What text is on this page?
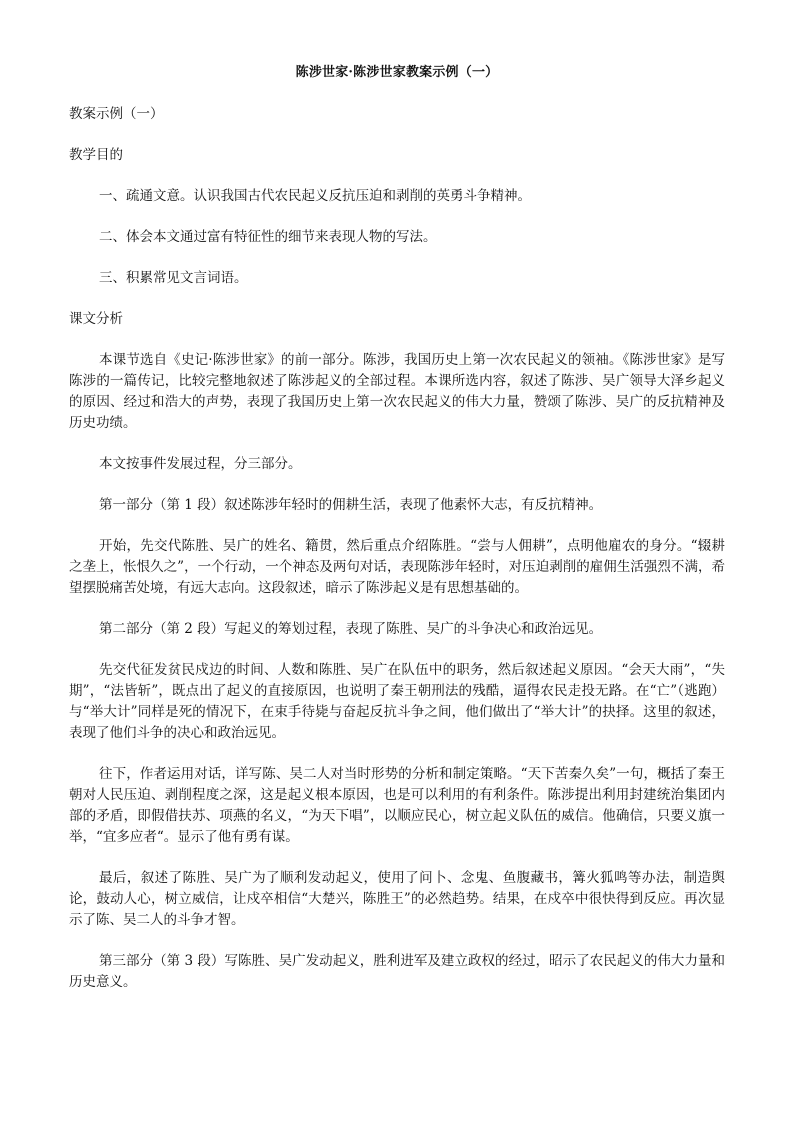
陈涉世家·陈涉世家教案示例（一）

教案示例（一）

教学目的

一、疏通文意。认识我国古代农民起义反抗压迫和剥削的英勇斗争精神。

二、体会本文通过富有特征性的细节来表现人物的写法。

三、积累常见文言词语。

课文分析

本课节选自《史记·陈涉世家》的前一部分。陈涉，我国历史上第一次农民起义的领袖。《陈涉世家》是写陈涉的一篇传记，比较完整地叙述了陈涉起义的全部过程。本课所选内容，叙述了陈涉、吴广领导大泽乡起义的原因、经过和浩大的声势，表现了我国历史上第一次农民起义的伟大力量，赞颂了陈涉、吴广的反抗精神及历史功绩。

本文按事件发展过程，分三部分。

第一部分（第 1 段）叙述陈涉年轻时的佣耕生活，表现了他素怀大志，有反抗精神。

开始，先交代陈胜、吴广的姓名、籍贯，然后重点介绍陈胜。“尝与人佣耕”，点明他雇农的身分。“辍耕之垄上，怅恨久之”，一个行动，一个神态及两句对话，表现陈涉年轻时，对压迫剥削的雇佣生活强烈不满，希望摆脱痛苦处境，有远大志向。这段叙述，暗示了陈涉起义是有思想基础的。

第二部分（第 2 段）写起义的筹划过程，表现了陈胜、吴广的斗争决心和政治远见。

先交代征发贫民戍边的时间、人数和陈胜、吴广在队伍中的职务，然后叙述起义原因。“会天大雨”，“失期”，“法皆斩”，既点出了起义的直接原因，也说明了秦王朝刑法的残酷，逼得农民走投无路。在“亡”（逃跑）与“举大计”同样是死的情况下，在束手待毙与奋起反抗斗争之间，他们做出了“举大计”的抉择。这里的叙述，表现了他们斗争的决心和政治远见。

往下，作者运用对话，详写陈、吴二人对当时形势的分析和制定策略。“天下苦秦久矣”一句，概括了秦王朝对人民压迫、剥削程度之深，这是起义根本原因，也是可以利用的有利条件。陈涉提出利用封建统治集团内部的矛盾，即假借扶苏、项燕的名义，“为天下唱”，以顺应民心，树立起义队伍的威信。他确信，只要义旗一举，“宜多应者“。显示了他有勇有谋。

最后，叙述了陈胜、吴广为了顺利发动起义，使用了问卜、念鬼、鱼腹藏书，篝火狐鸣等办法，制造舆论，鼓动人心，树立威信，让戍卒相信“大楚兴，陈胜王”的必然趋势。结果，在戍卒中很快得到反应。再次显示了陈、吴二人的斗争才智。

第三部分（第 3 段）写陈胜、吴广发动起义，胜利进军及建立政权的经过，昭示了农民起义的伟大力量和历史意义。
